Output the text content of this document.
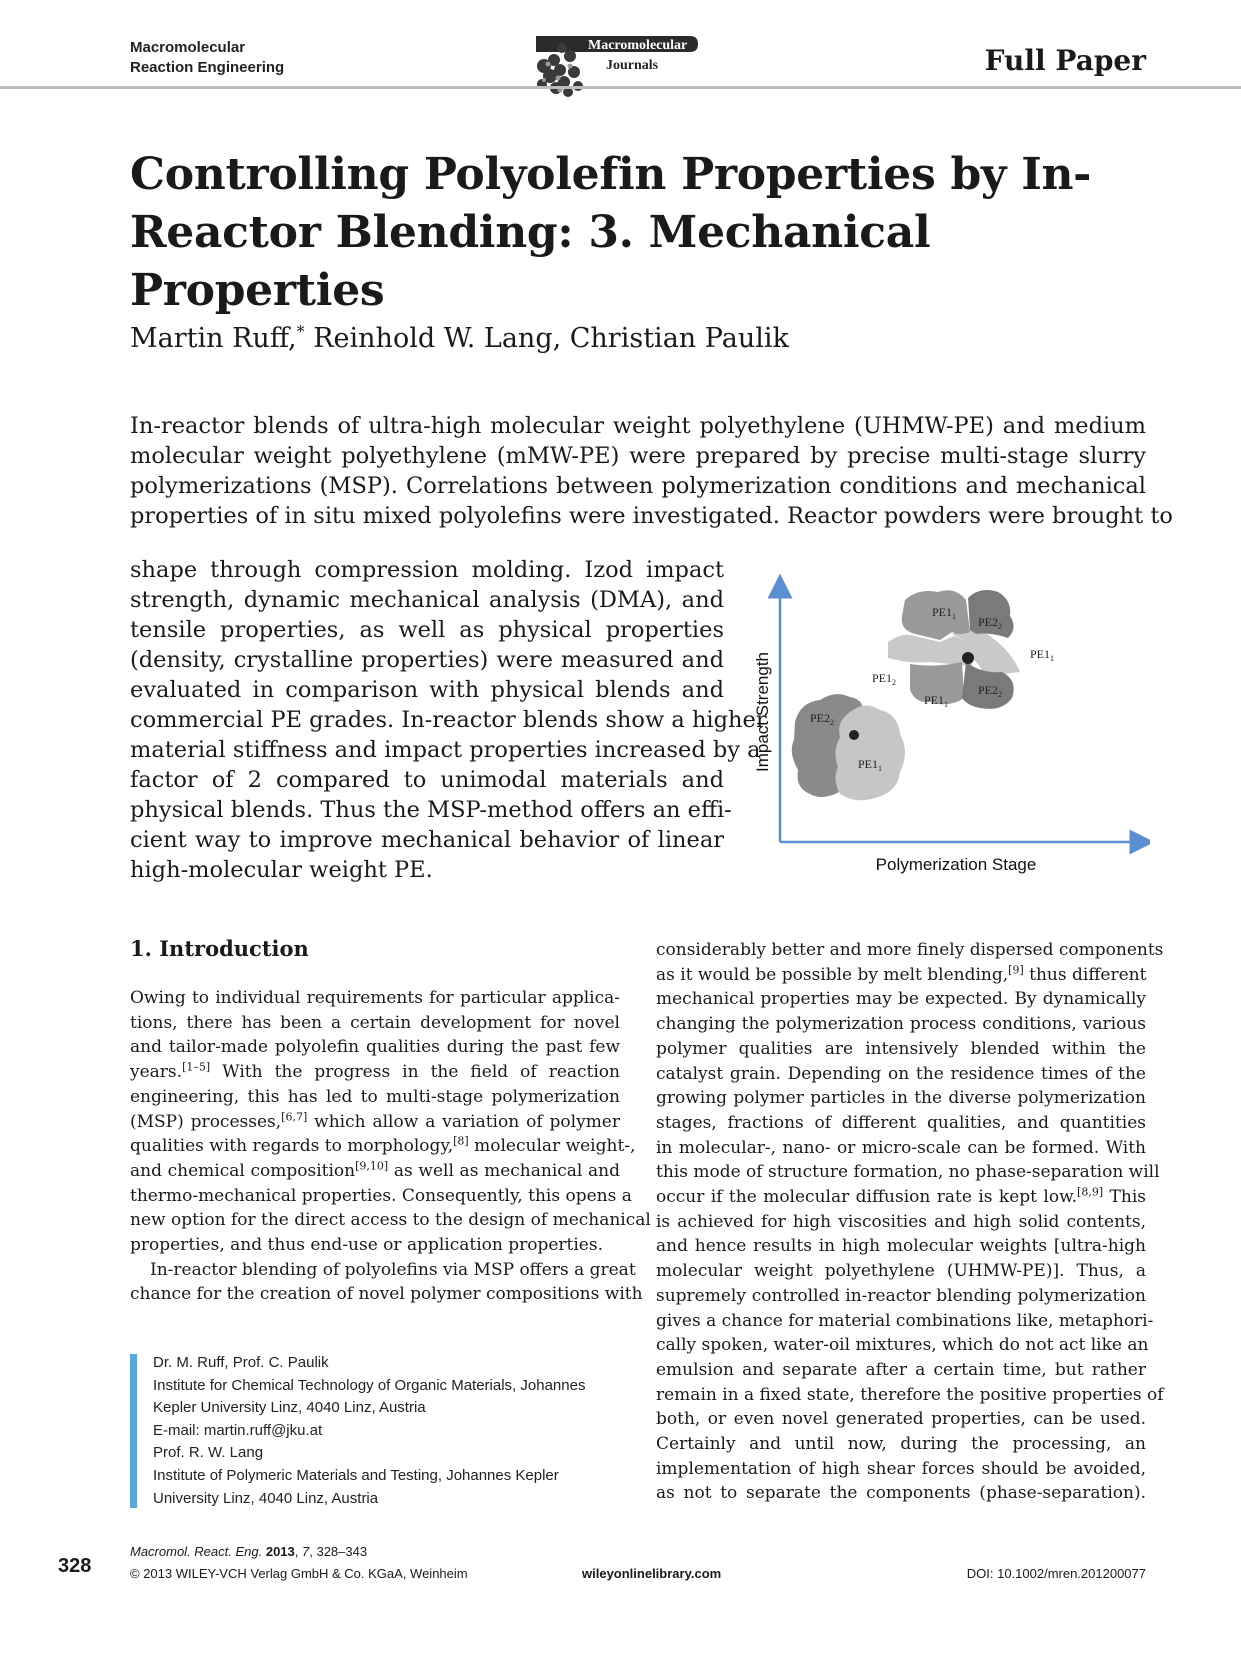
Macromolecular
Reaction Engineering
Macromolecular
Journals	Full Paper
Controlling Polyolefin Properties by In-Reactor Blending: 3. Mechanical Properties
Martin Ruff,* Reinhold W. Lang, Christian Paulik
In-reactor blends of ultra-high molecular weight polyethylene (UHMW-PE) and medium
molecular weight polyethylene (mMW-PE) were prepared by precise multi-stage slurry
polymerizations (MSP). Correlations between polymerization conditions and mechanical
properties of in situ mixed polyolefins were investigated. Reactor powders were brought to
shape through compression molding. Izod impact
strength, dynamic mechanical analysis (DMA), and
tensile properties, as well as physical properties
(density, crystalline properties) were measured and
evaluated in comparison with physical blends and
commercial PE grades. In-reactor blends show a higher
material stiffness and impact properties increased by a
factor of 2 compared to unimodal materials and
physical blends. Thus the MSP-method offers an effi-
cient way to improve mechanical behavior of linear
high-molecular weight PE.
Impact Strength
Polymerization Stage
$PE2_2$
$PE1_1$
$PE1_1$ $PE2_2$
$PE1_1$
$PE1_2$
$PE1_1$
$PE2_2$
1. Introduction
Owing to individual requirements for particular applica-
tions, there has been a certain development for novel
and tailor-made polyolefin qualities during the past few
years.[1–5] With the progress in the field of reaction
engineering, this has led to multi-stage polymerization
(MSP) processes,[6,7] which allow a variation of polymer
qualities with regards to morphology,[8] molecular weight-,
and chemical composition[9,10] as well as mechanical and
thermo-mechanical properties. Consequently, this opens a
new option for the direct access to the design of mechanical
properties, and thus end-use or application properties.
In-reactor blending of polyolefins via MSP offers a great
chance for the creation of novel polymer compositions with
considerably better and more finely dispersed components
as it would be possible by melt blending,[9] thus different
mechanical properties may be expected. By dynamically
changing the polymerization process conditions, various
polymer qualities are intensively blended within the
catalyst grain. Depending on the residence times of the
growing polymer particles in the diverse polymerization
stages, fractions of different qualities, and quantities
in molecular-, nano- or micro-scale can be formed. With
this mode of structure formation, no phase-separation will
occur if the molecular diffusion rate is kept low.[8,9] This
is achieved for high viscosities and high solid contents,
and hence results in high molecular weights [ultra-high
molecular weight polyethylene (UHMW-PE)]. Thus, a
supremely controlled in-reactor blending polymerization
gives a chance for material combinations like, metaphori-
cally spoken, water-oil mixtures, which do not act like an
emulsion and separate after a certain time, but rather
remain in a fixed state, therefore the positive properties of
both, or even novel generated properties, can be used.
Certainly and until now, during the processing, an
implementation of high shear forces should be avoided,
as not to separate the components (phase-separation).
Dr. M. Ruff, Prof. C. Paulik
Institute for Chemical Technology of Organic Materials, Johannes
Kepler University Linz, 4040 Linz, Austria
E-mail: martin.ruff@jku.at
Prof. R. W. Lang
Institute of Polymeric Materials and Testing, Johannes Kepler
University Linz, 4040 Linz, Austria
328
Macromol. React. Eng. 2013, 7, 328–343
© 2013 WILEY-VCH Verlag GmbH & Co. KGaA, Weinheim	wileyonlinelibrary.com	DOI: 10.1002/mren.201200077
